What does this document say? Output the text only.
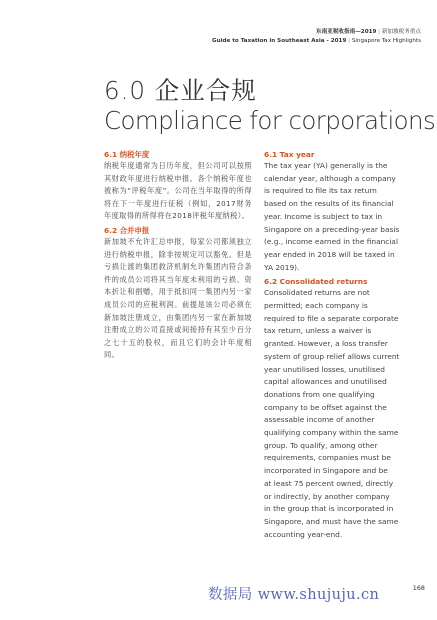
东南亚税收指南—2019 | 新加坡税务重点
Guide to Taxation in Southeast Asia - 2019 | Singapore Tax Highlights
6.0 企业合规
Compliance for corporations
6.1 纳税年度

纳税年度通常为日历年度，但公司可以按照其财政年度进行纳税申报。各个纳税年度也被称为“评税年度”。公司在当年取得的所得将在下一年度进行征税（例如，2017财务年度取得的所得将在2018评税年度纳税）。

6.2 合并申报

新加坡不允许汇总申报，每家公司都须独立进行纳税申报，除非按规定可以豁免。但是亏损让渡的集团救济机制允许集团内符合条件的成员公司将其当年度未利用的亏损、资本折让和捐赠，用于抵扣同一集团内另一家成员公司的应税利润。前提是该公司必须在新加坡注册成立，由集团内另一家在新加坡注册成立的公司直接或间接持有其至少百分之七十五的股权，而且它们的会计年度相同。

6.1 Tax year

The tax year (YA) generally is the
calendar year, although a company
is required to file its tax return
based on the results of its financial
year. Income is subject to tax in
Singapore on a preceding-year basis
(e.g., income earned in the financial
year ended in 2018 will be taxed in
YA 2019).

6.2 Consolidated returns

Consolidated returns are not
permitted; each company is
required to file a separate corporate
tax return, unless a waiver is
granted. However, a loss transfer
system of group relief allows current
year unutilised losses, unutilised
capital allowances and unutilised
donations from one qualifying
company to be offset against the
assessable income of another
qualifying company within the same
group. To qualify, among other
requirements, companies must be
incorporated in Singapore and be
at least 75 percent owned, directly
or indirectly, by another company
in the group that is incorporated in
Singapore, and must have the same
accounting year-end.

数据局 www.shujuju.cn	168
